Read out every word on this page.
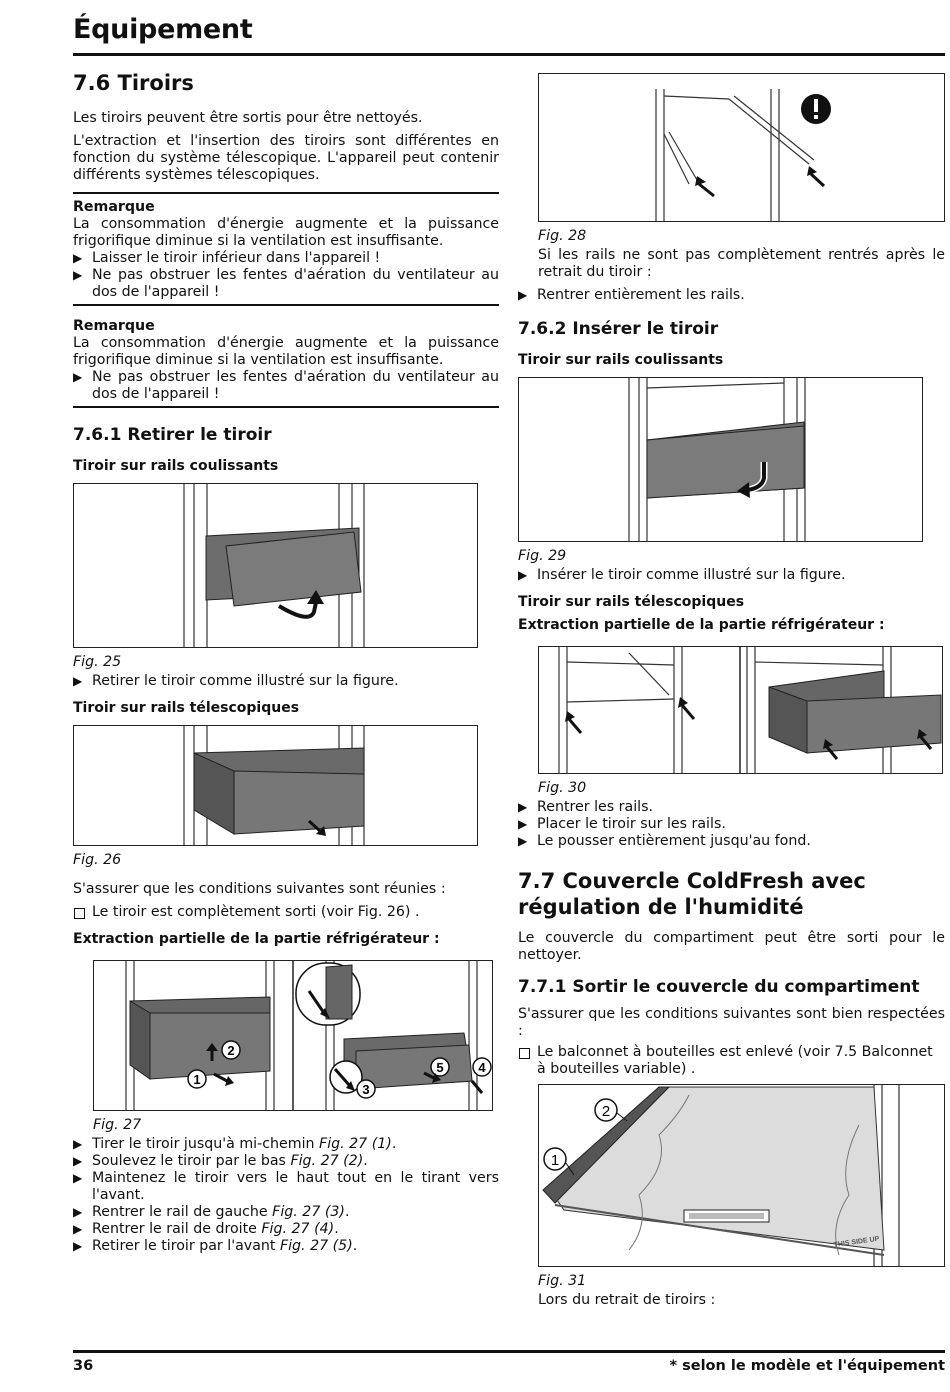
Équipement
7.6 Tiroirs

Les tiroirs peuvent être sortis pour être nettoyés.

L'extraction et l'insertion des tiroirs sont différentes en fonction du système télescopique. L'appareil peut contenir différents systèmes télescopiques.

Remarque
La consommation d'énergie augmente et la puissance frigorifique diminue si la ventilation est insuffisante.
▶ Laisser le tiroir inférieur dans l'appareil !
▶ Ne pas obstruer les fentes d'aération du ventilateur au dos de l'appareil !
Remarque
La consommation d'énergie augmente et la puissance frigorifique diminue si la ventilation est insuffisante.
▶ Ne pas obstruer les fentes d'aération du ventilateur au dos de l'appareil !
7.6.1 Retirer le tiroir
Tiroir sur rails coulissants
Fig. 25
▶ Retirer le tiroir comme illustré sur la figure.
Tiroir sur rails télescopiques
Fig. 26

S'assurer que les conditions suivantes sont réunies :

Le tiroir est complètement sorti (voir Fig. 26) .
Extraction partielle de la partie réfrigérateur :
2
1
3
5	4
Fig. 27
▶ Tirer le tiroir jusqu'à mi-chemin Fig. 27 (1).
▶ Soulevez le tiroir par le bas Fig. 27 (2).
▶ Maintenez le tiroir vers le haut tout en le tirant vers l'avant.
▶ Rentrer le rail de gauche Fig. 27 (3).
▶ Rentrer le rail de droite Fig. 27 (4).
▶ Retirer le tiroir par l'avant Fig. 27 (5).
Fig. 28

Si les rails ne sont pas complètement rentrés après le retrait du tiroir :

▶ Rentrer entièrement les rails.
7.6.2 Insérer le tiroir
Tiroir sur rails coulissants
Fig. 29
▶ Insérer le tiroir comme illustré sur la figure.
Tiroir sur rails télescopiques
Extraction partielle de la partie réfrigérateur :
Fig. 30
▶ Rentrer les rails.
▶ Placer le tiroir sur les rails.
▶ Le pousser entièrement jusqu'au fond.
7.7 Couvercle ColdFresh avec régulation de l'humidité

Le couvercle du compartiment peut être sorti pour le nettoyer.

7.7.1 Sortir le couvercle du compartiment

S'assurer que les conditions suivantes sont bien respectées :

Le balconnet à bouteilles est enlevé (voir 7.5 Balconnet à bouteilles variable) .
THIS SIDE UP
2
1
Fig. 31

Lors du retrait de tiroirs :

36	* selon le modèle et l'équipement
